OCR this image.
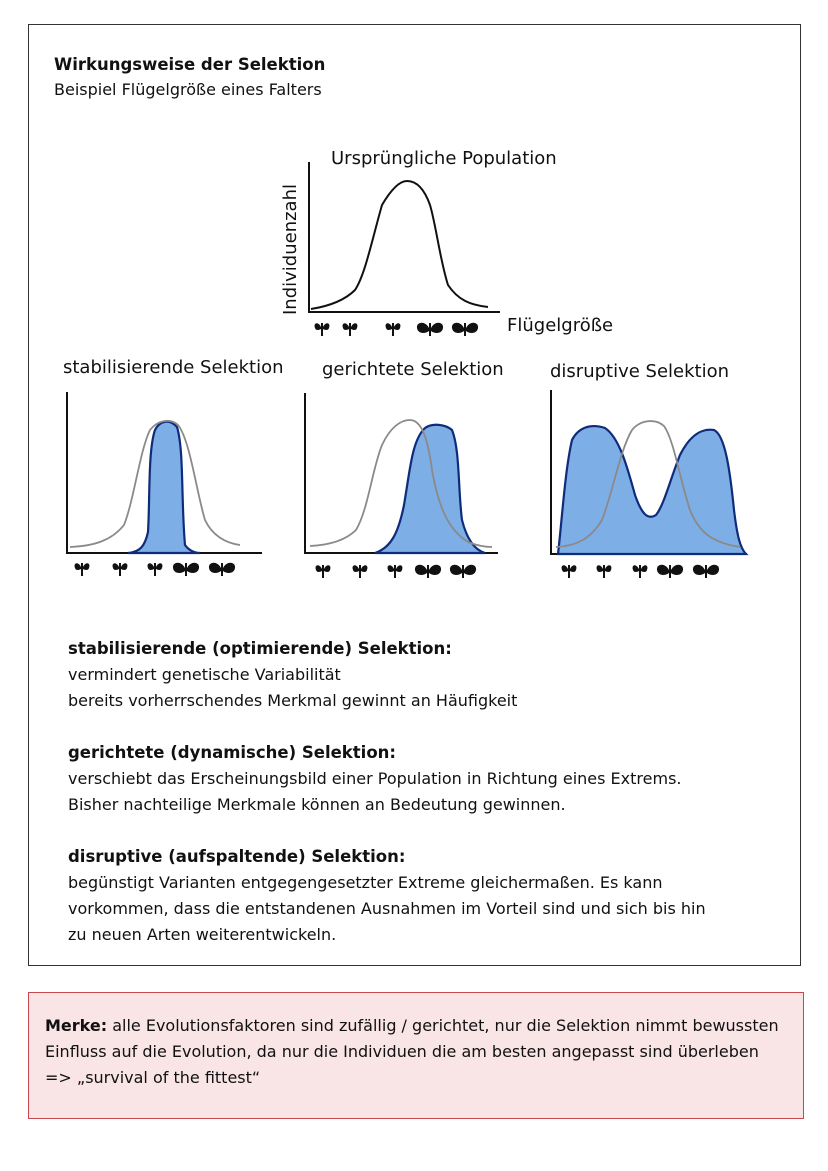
Wirkungsweise der Selektion
Beispiel Flügelgröße eines Falters
Ursprüngliche Population
Individuenzahl
Flügelgröße
stabilisierende Selektion gerichtete Selektion	disruptive Selektion
stabilisierende (optimierende) Selektion:

vermindert genetische Variabilität

bereits vorherrschendes Merkmal gewinnt an Häufigkeit

gerichtete (dynamische) Selektion:

verschiebt das Erscheinungsbild einer Population in Richtung eines Extrems.

Bisher nachteilige Merkmale können an Bedeutung gewinnen.

disruptive (aufspaltende) Selektion:

begünstigt Varianten entgegengesetzter Extreme gleichermaßen. Es kann

vorkommen, dass die entstandenen Ausnahmen im Vorteil sind und sich bis hin

zu neuen Arten weiterentwickeln.

Merke: alle Evolutionsfaktoren sind zufällig / gerichtet, nur die Selektion nimmt bewussten Einfluss auf die Evolution, da nur die Individuen die am besten angepasst sind überleben => „survival of the fittest“
